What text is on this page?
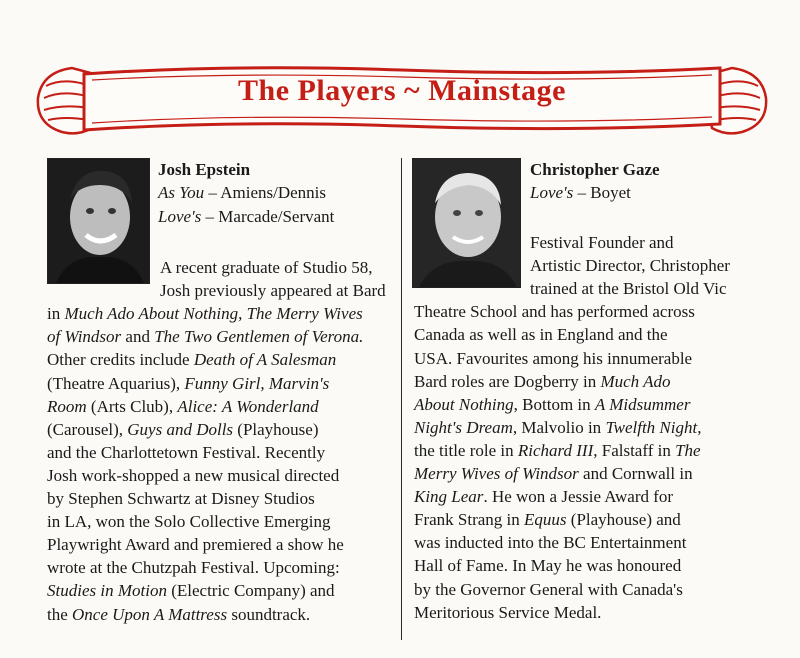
The Players ~ Mainstage
Josh Epstein
As You – Amiens/Dennis
Love's – Marcade/Servant
Christopher Gaze
Love's – Boyet
A recent graduate of Studio 58,
Josh previously appeared at Bard
in Much Ado About Nothing, The Merry Wives
of Windsor and The Two Gentlemen of Verona.
Other credits include Death of A Salesman
(Theatre Aquarius), Funny Girl, Marvin's
Room (Arts Club), Alice: A Wonderland
(Carousel), Guys and Dolls (Playhouse)
and the Charlottetown Festival. Recently
Josh work-shopped a new musical directed
by Stephen Schwartz at Disney Studios
in LA, won the Solo Collective Emerging
Playwright Award and premiered a show he
wrote at the Chutzpah Festival. Upcoming:
Studies in Motion (Electric Company) and
the Once Upon A Mattress soundtrack.
Festival Founder and
Artistic Director, Christopher
trained at the Bristol Old Vic
Theatre School and has performed across
Canada as well as in England and the
USA. Favourites among his innumerable
Bard roles are Dogberry in Much Ado
About Nothing, Bottom in A Midsummer
Night's Dream, Malvolio in Twelfth Night,
the title role in Richard III, Falstaff in The
Merry Wives of Windsor and Cornwall in
King Lear. He won a Jessie Award for
Frank Strang in Equus (Playhouse) and
was inducted into the BC Entertainment
Hall of Fame. In May he was honoured
by the Governor General with Canada's
Meritorious Service Medal.
